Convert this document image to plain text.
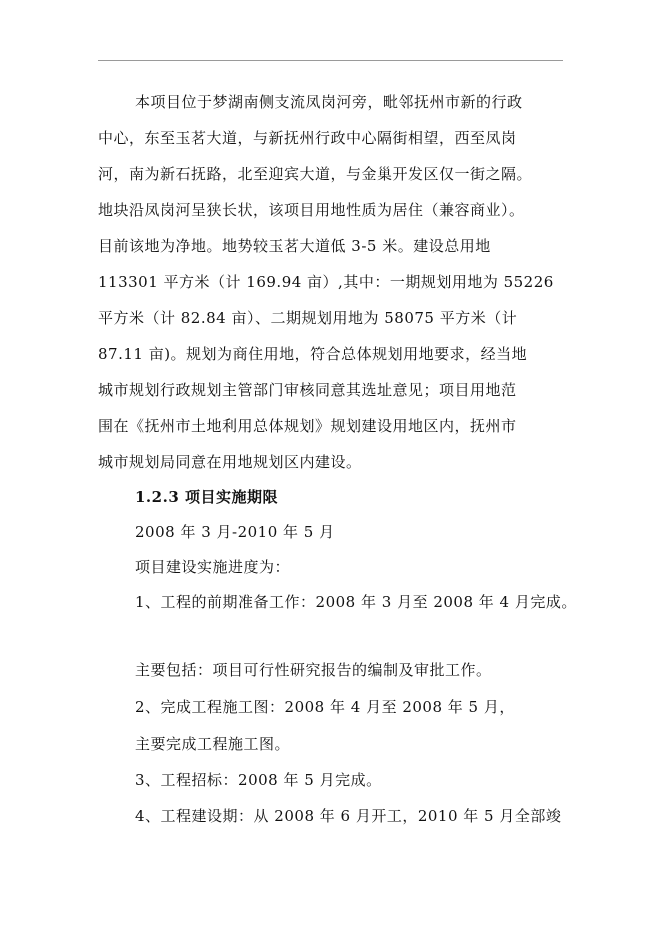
本项目位于梦湖南侧支流凤岗河旁，毗邻抚州市新的行政
中心，东至玉茗大道，与新抚州行政中心隔街相望，西至凤岗
河，南为新石抚路，北至迎宾大道，与金巢开发区仅一街之隔。
地块沿凤岗河呈狭长状，该项目用地性质为居住（兼容商业）。
目前该地为净地。地势较玉茗大道低 3-5 米。建设总用地
113301 平方米（计 169.94 亩）,其中：一期规划用地为 55226
平方米（计 82.84 亩）、二期规划用地为 58075 平方米（计
87.11 亩)。规划为商住用地，符合总体规划用地要求，经当地
城市规划行政规划主管部门审核同意其选址意见；项目用地范
围在《抚州市土地利用总体规划》规划建设用地区内，抚州市
城市规划局同意在用地规划区内建设。
1.2.3 项目实施期限
2008 年 3 月-2010 年 5 月
项目建设实施进度为：
1、工程的前期准备工作：2008 年 3 月至 2008 年 4 月完成。
主要包括：项目可行性研究报告的编制及审批工作。
2、完成工程施工图：2008 年 4 月至 2008 年 5 月，
主要完成工程施工图。
3、工程招标：2008 年 5 月完成。
4、工程建设期：从 2008 年 6 月开工，2010 年 5 月全部竣
